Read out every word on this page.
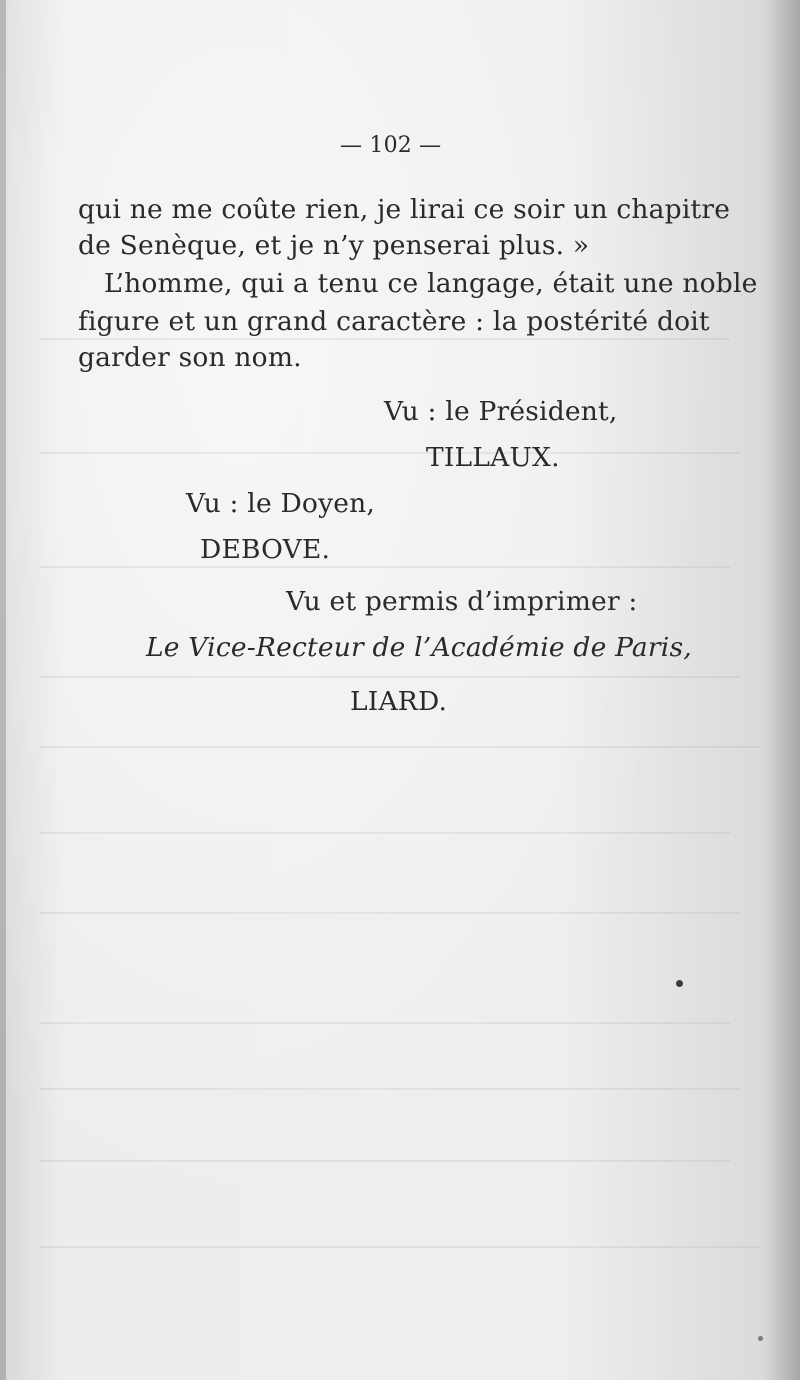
— 102 —

qui ne me coûte rien, je lirai ce soir un chapitre

de Senèque, et je n’y penserai plus. »

L’homme, qui a tenu ce langage, était une noble

figure et un grand caractère : la postérité doit

garder son nom.

Vu : le Président,

TILLAUX.

Vu : le Doyen,

DEBOVE.

Vu et permis d’imprimer :

Le Vice-Recteur de l’Académie de Paris,

LIARD.
